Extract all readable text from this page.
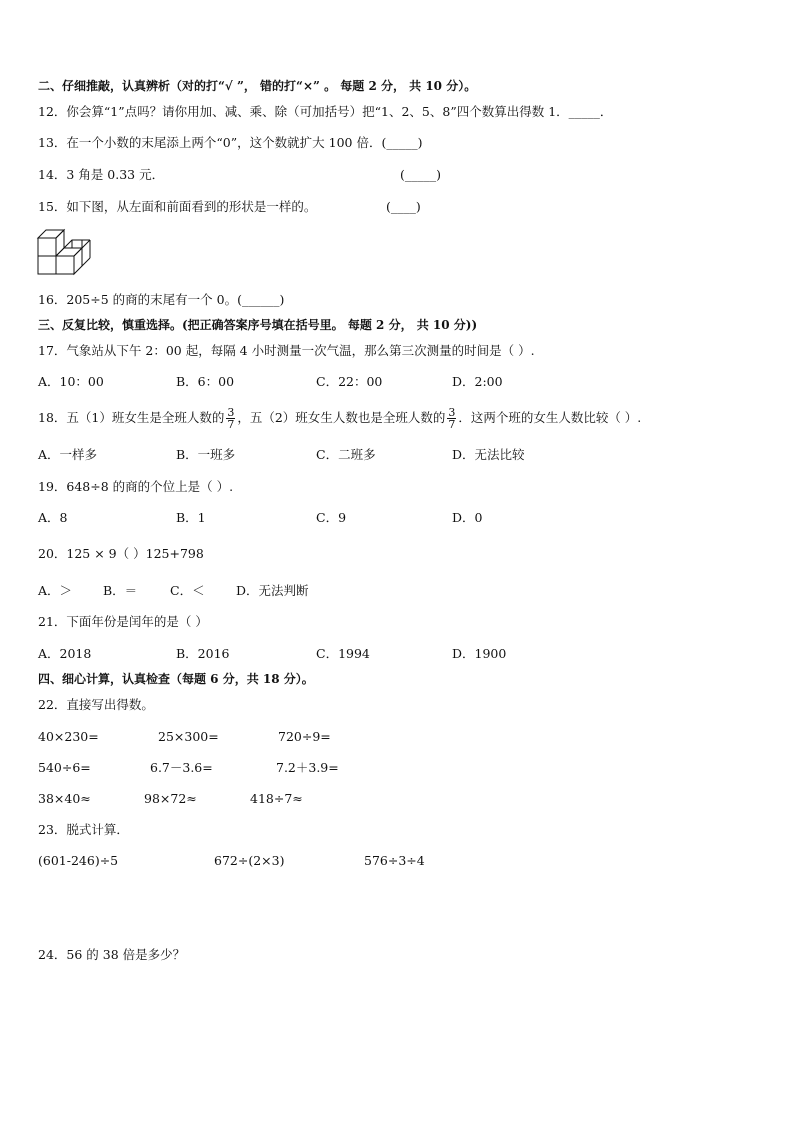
二、仔细推敲，认真辨析（对的打“√ ”， 错的打“×” 。 每题 2 分， 共 10 分）。
12．你会算“1”点吗？请你用加、减、乘、除（可加括号）把“1、2、5、8”四个数算出得数 1．_____．
13．在一个小数的末尾添上两个“0”，这个数就扩大 100 倍．(_____)
14．3 角是 0.33 元．	(_____)
15．如下图，从左面和前面看到的形状是一样的。	(____)
16．205÷5 的商的末尾有一个 0。(______)
三、反复比较，慎重选择。(把正确答案序号填在括号里。 每题 2 分， 共 10 分))
17．气象站从下午 2：00 起，每隔 4 小时测量一次气温，那么第三次测量的时间是（ ）.
A．10：00	B．6：00	C．22：00	D．2:00
18．五（1）班女生是全班人数的 $\frac{3}{7}$ ，五（2）班女生人数也是全班人数的 $\frac{3}{7}$ ．这两个班的女生人数比较（ ）.
A．一样多	B．一班多	C．二班多	D．无法比较
19．648÷8 的商的个位上是（ ）.
A．8	B．1	C．9	D．0
20．125 × 9（ ）125+798
A．＞ B．＝	C．＜	D．无法判断
21．下面年份是闰年的是（ ）
A．2018	B．2016	C．1994	D．1900
四、细心计算，认真检查（每题 6 分，共 18 分）。
22．直接写出得数。
40×230=	25×300=	720÷9=
540÷6=	6.7－3.6=	7.2＋3.9=
38×40≈	98×72≈	418÷7≈
23．脱式计算．
(601-246)÷5	672÷(2×3)	576÷3÷4
24．56 的 38 倍是多少？
